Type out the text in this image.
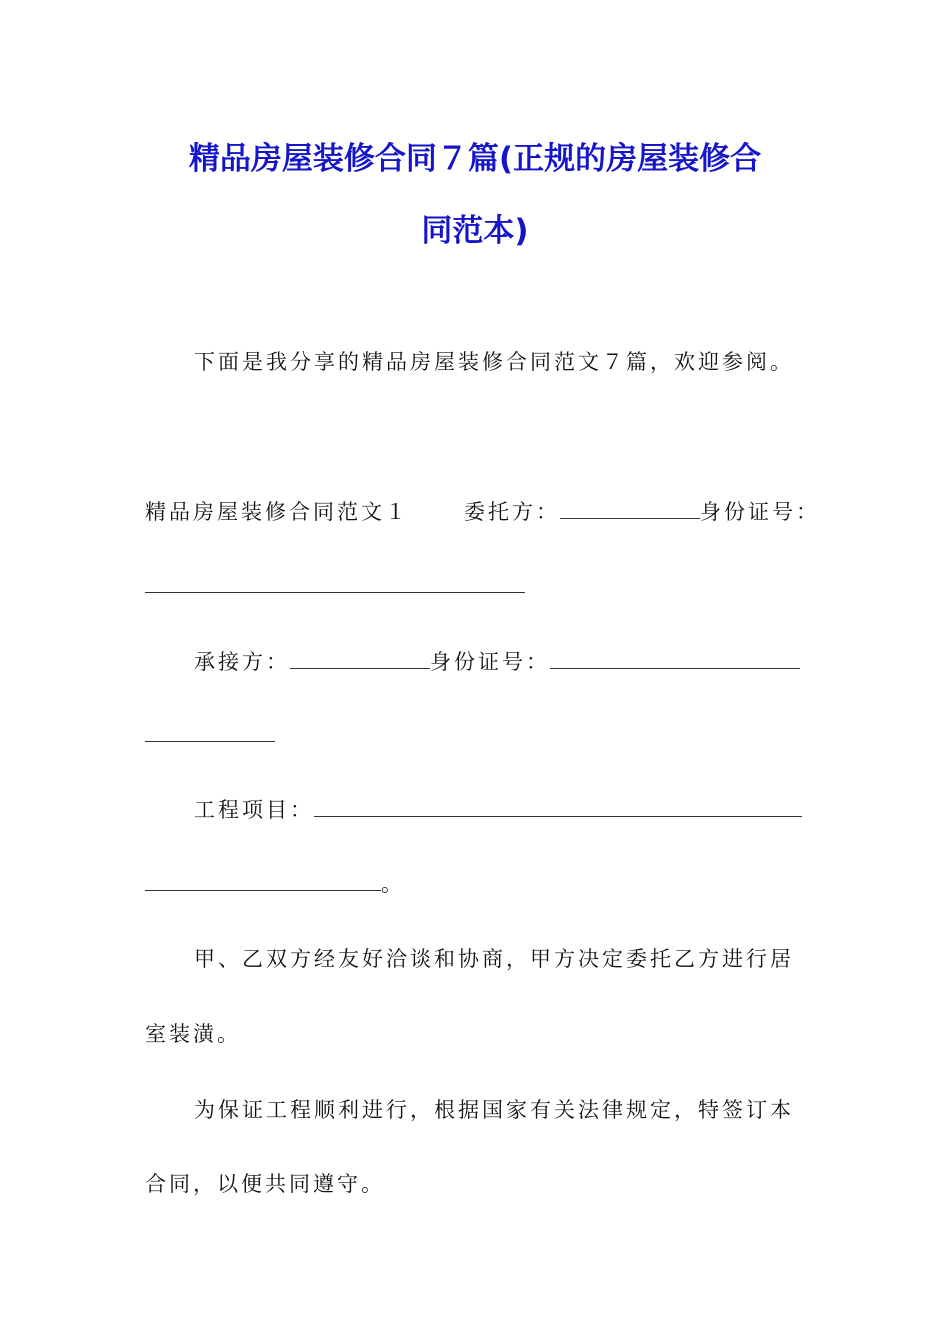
精品房屋装修合同７篇(正规的房屋装修合
同范本)

下面是我分享的精品房屋装修合同范文７篇，欢迎参阅。

精品房屋装修合同范文１	委托方：	身份证号：

承接方：	身份证号：

工程项目：

。

甲、乙双方经友好洽谈和协商，甲方决定委托乙方进行居

室装潢。

为保证工程顺利进行，根据国家有关法律规定，特签订本

合同，以便共同遵守。
